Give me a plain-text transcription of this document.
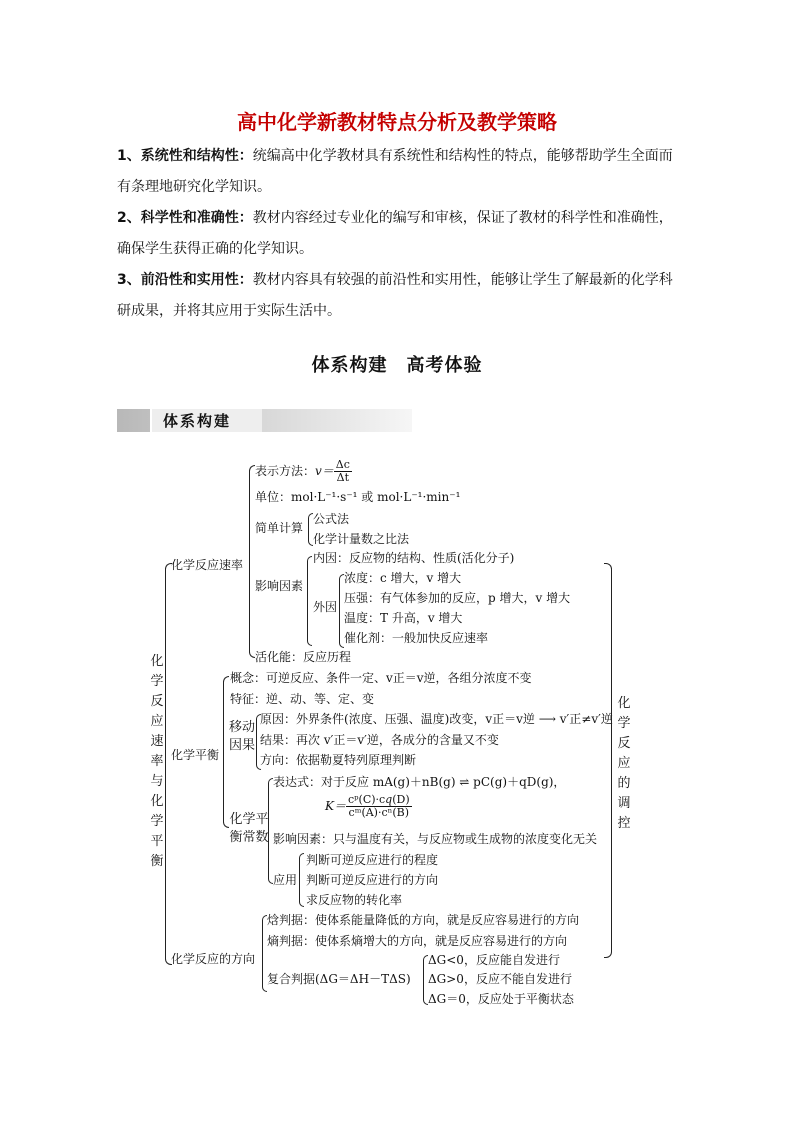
高中化学新教材特点分析及教学策略
1、系统性和结构性：统编高中化学教材具有系统性和结构性的特点，能够帮助学生全面而有条理地研究化学知识。
2、科学性和准确性：教材内容经过专业化的编写和审核，保证了教材的科学性和准确性，确保学生获得正确的化学知识。
3、前沿性和实用性：教材内容具有较强的前沿性和实用性，能够让学生了解最新的化学科研成果，并将其应用于实际生活中。
体系构建　高考体验
体系构建
化学反应速率与化学平衡
化学反应速率
表示方法：$v= \frac{\Delta c}{\Delta t}$
单位：mol·L⁻¹·s⁻¹ 或 mol·L⁻¹·min⁻¹
简单计算
公式法
化学计量数之比法
影响因素
内因：反应物的结构、性质(活化分子)
外因
浓度：c 增大，v 增大
压强：有气体参加的反应，p 增大，v 增大
温度：T 升高，v 增大
催化剂：一般加快反应速率
活化能：反应历程
化学平衡
概念：可逆反应、条件一定、v正＝v逆，各组分浓度不变
特征：逆、动、等、定、变
移动因果
原因：外界条件(浓度、压强、温度)改变，v正＝v逆 ⟶ v′正≠v′逆
结果：再次 v′正＝v′逆，各成分的含量又不变
方向：依据勒夏特列原理判断
化学平衡常数
表达式：对于反应 mA(g)＋nB(g) ⇌ pC(g)＋qD(g)，
$K= \frac{\text{cᵖ(C)·c𝑞(D)}}{\text{cᵐ(A)·cⁿ(B)}}$
影响因素：只与温度有关，与反应物或生成物的浓度变化无关
应用
判断可逆反应进行的程度
判断可逆反应进行的方向
求反应物的转化率
化学反应的方向
焓判据：使体系能量降低的方向，就是反应容易进行的方向
熵判据：使体系熵增大的方向，就是反应容易进行的方向
复合判据(ΔG＝ΔH－TΔS)
ΔG<0，反应能自发进行
ΔG>0，反应不能自发进行
ΔG＝0，反应处于平衡状态
化学反应的调控
